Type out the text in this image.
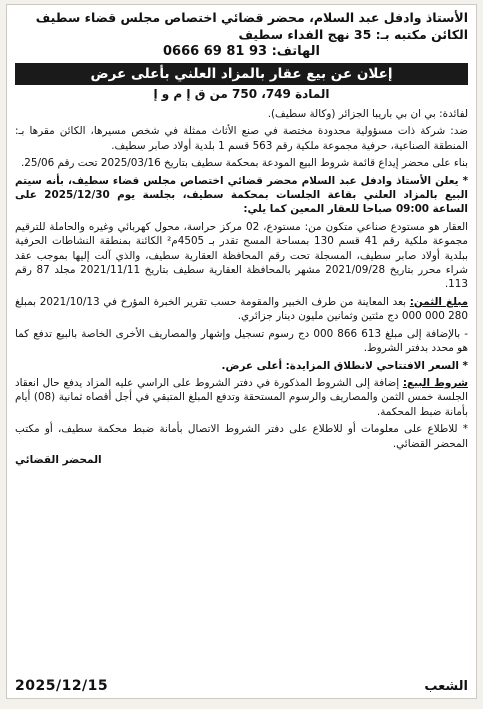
الأستاذ وادفل عبد السلام، محضر قضائي اختصاص مجلس قضاء سطيف

الكائن مكتبه بـ: 35 نهج الفداء سطيف

الهاتف: 0666 69 81 93

إعلان عن بيع عقار بالمزاد العلني بأعلى عرض
المادة 749، 750 من ق إ م و إ

لفائدة: بي ان بي باريبا الجزائر (وكالة سطيف).

ضد: شركة ذات مسؤولية محدودة مختصة في صنع الأثاث ممثلة في شخص مسيرها، الكائن مقرها بـ: المنطقة الصناعية، حرفية مجموعة ملكية رقم 563 قسم 1 بلدية أولاد صابر سطيف.

بناء على محضر إيداع قائمة شروط البيع المودعة بمحكمة سطيف بتاريخ 2025/03/16 تحت رقم 25/06.

* يعلن الأستاذ وادفل عبد السلام محضر قضائي اختصاص مجلس قضاء سطيف، بأنه سيتم البيع بالمزاد العلني بقاعة الجلسات بمحكمة سطيف، بجلسة يوم 2025/12/30 على الساعة 09:00 صباحا للعقار المعين كما يلي:

العقار هو مستودع صناعي متكون من: مستودع، 02 مركز حراسة، محول كهربائي وغيره والحاملة للترقيم مجموعة ملكية رقم 41 قسم 130 بمساحة المسح تقدر بـ 4505م² الكائنة بمنطقة النشاطات الحرفية ببلدية أولاد صابر سطيف، المسجلة تحت رقم المحافظة العقارية سطيف، والذي آلت إليها بموجب عقد شراء محرر بتاريخ 2021/09/28 مشهر بالمحافظة العقارية سطيف بتاريخ 2021/11/11 مجلد 87 رقم 113.

مبلغ الثمن: بعد المعاينة من طرف الخبير والمقومة حسب تقرير الخبرة المؤرخ في 2021/10/13 بمبلغ 280 000 000 دج مئتين وثمانين مليون دينار جزائري.

- بالإضافة إلى مبلغ 613 866 000 دج رسوم تسجيل وإشهار والمصاريف الأخرى الخاصة بالبيع تدفع كما هو محدد بدفتر الشروط.

* السعر الافتتاحي لانطلاق المزايدة: أعلى عرض.

شروط البيع: إضافة إلى الشروط المذكورة في دفتر الشروط على الراسي عليه المزاد يدفع حال انعقاد الجلسة خمس الثمن والمصاريف والرسوم المستحقة وتدفع المبلغ المتبقي في أجل أقصاه ثمانية (08) أيام بأمانة ضبط المحكمة.

* للاطلاع على معلومات أو للاطلاع على دفتر الشروط الاتصال بأمانة ضبط محكمة سطيف، أو مكتب المحضر القضائي.

المحضر القضائي
الشعب
2025/12/15
